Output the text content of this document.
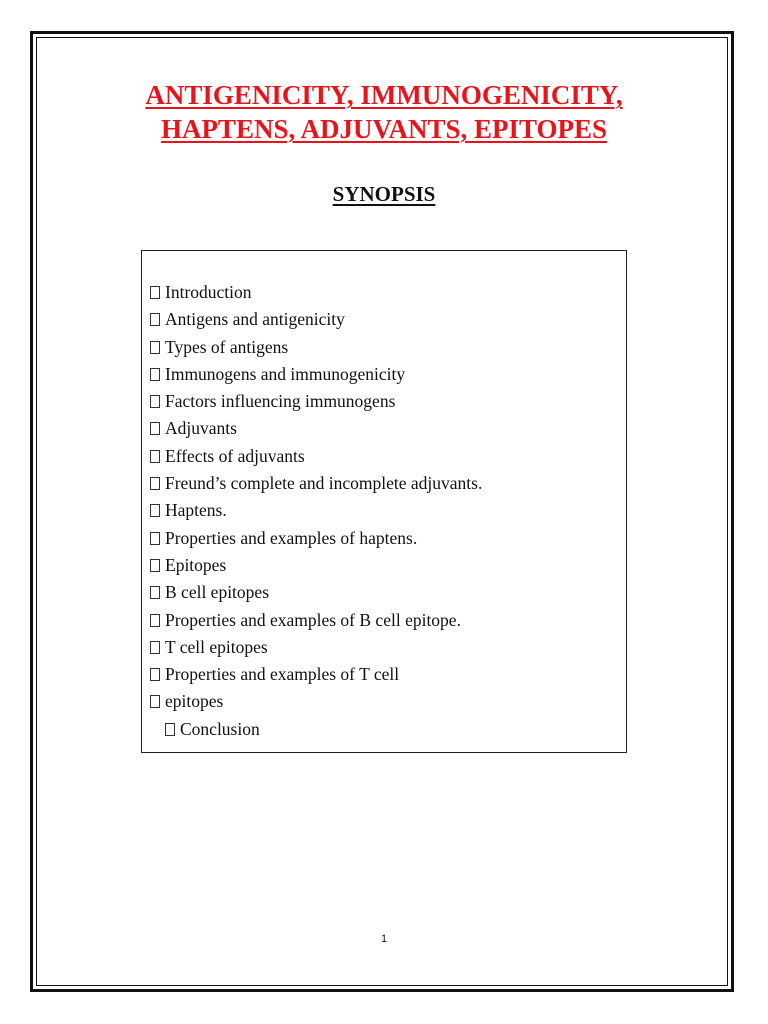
ANTIGENICITY, IMMUNOGENICITY,
HAPTENS, ADJUVANTS, EPITOPES
SYNOPSIS
Introduction
Antigens and antigenicity
Types of antigens
Immunogens and immunogenicity
Factors influencing immunogens
Adjuvants
Effects of adjuvants
Freund’s complete and incomplete adjuvants.
Haptens.
Properties and examples of haptens.
Epitopes
B cell epitopes
Properties and examples of B cell epitope.
T cell epitopes
Properties and examples of T cell
epitopes
Conclusion
1
